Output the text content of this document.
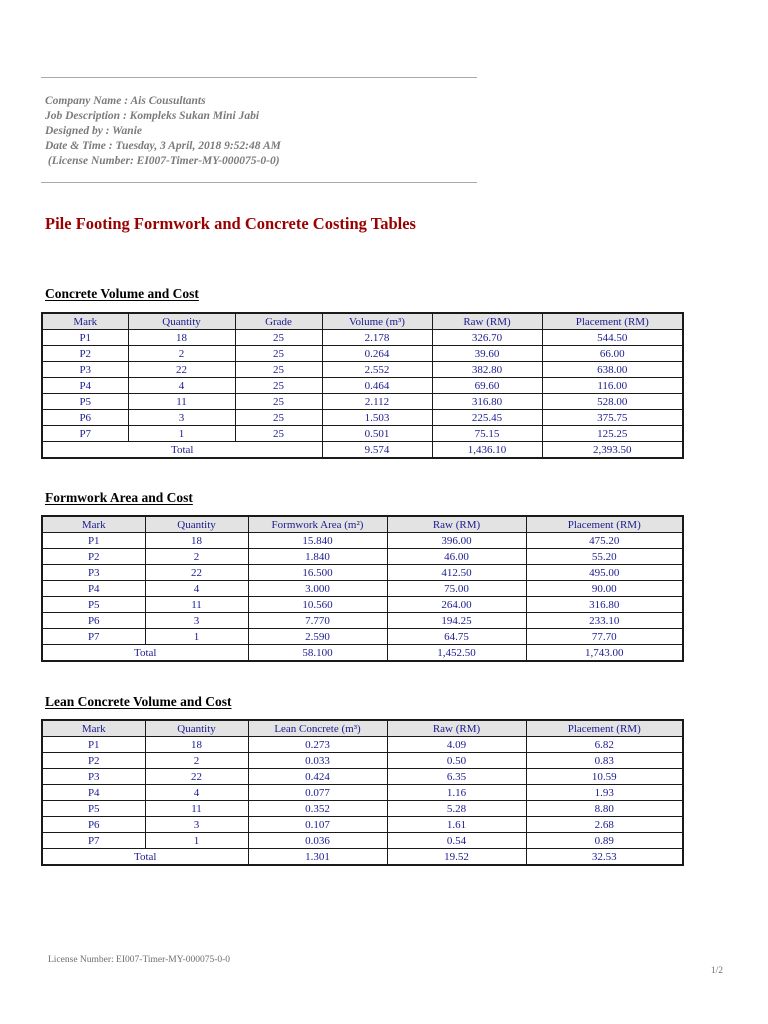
Company Name : Ais Cousultants
Job Description : Kompleks Sukan Mini Jabi
Designed by : Wanie
Date & Time : Tuesday, 3 April, 2018 9:52:48 AM
(License Number: EI007-Timer-MY-000075-0-0)
Pile Footing Formwork and Concrete Costing Tables
Concrete Volume and Cost
Mark	Quantity	Grade	Volume (m³)	Raw (RM)	Placement (RM)
P1	18	25	2.178	326.70	544.50
P2	2	25	0.264	39.60	66.00
P3	22	25	2.552	382.80	638.00
P4	4	25	0.464	69.60	116.00
P5	11	25	2.112	316.80	528.00
P6	3	25	1.503	225.45	375.75
P7	1	25	0.501	75.15	125.25
Total			9.574	1,436.10	2,393.50
Formwork Area and Cost
Mark	Quantity	Formwork Area (m²)	Raw (RM)	Placement (RM)
P1	18	15.840	396.00	475.20
P2	2	1.840	46.00	55.20
P3	22	16.500	412.50	495.00
P4	4	3.000	75.00	90.00
P5	11	10.560	264.00	316.80
P6	3	7.770	194.25	233.10
P7	1	2.590	64.75	77.70
Total		58.100	1,452.50	1,743.00
Lean Concrete Volume and Cost
Mark	Quantity	Lean Concrete (m³)	Raw (RM)	Placement (RM)
P1	18	0.273	4.09	6.82
P2	2	0.033	0.50	0.83
P3	22	0.424	6.35	10.59
P4	4	0.077	1.16	1.93
P5	11	0.352	5.28	8.80
P6	3	0.107	1.61	2.68
P7	1	0.036	0.54	0.89
Total		1.301	19.52	32.53
License Number: EI007-Timer-MY-000075-0-0
1/2
